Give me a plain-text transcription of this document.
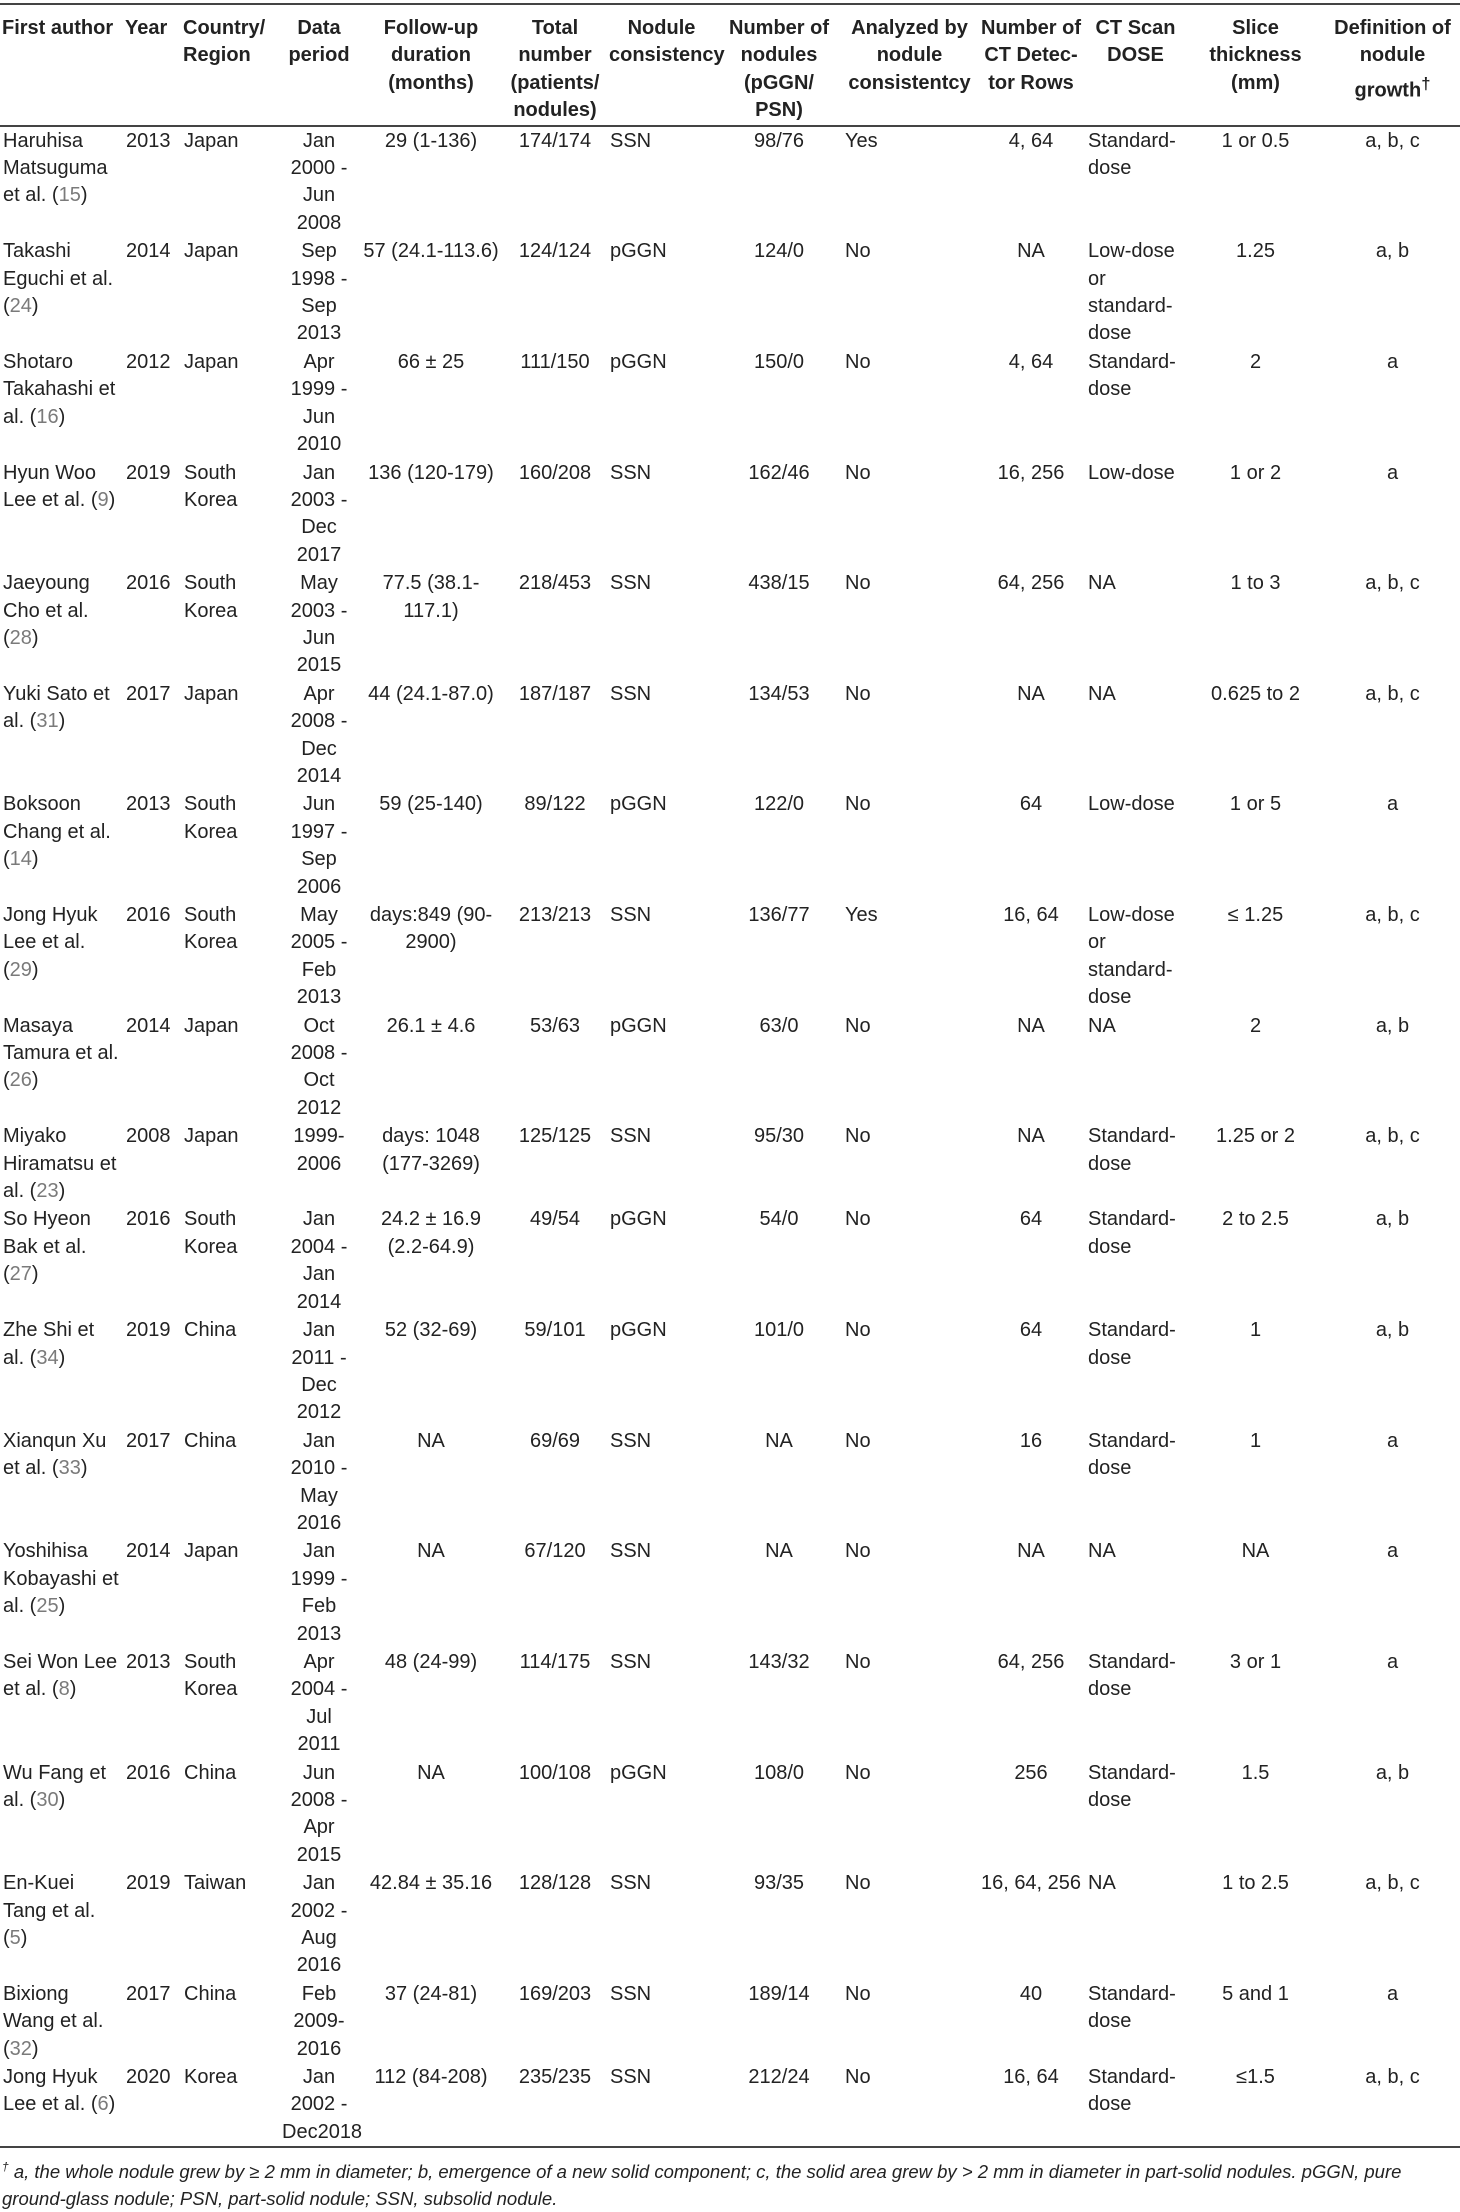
First author	Year	Country/ Region	Data period	Follow-up duration (months)	Total number (patients/ nodules)	Nodule consistency	Number of nodules (pGGN/ PSN)	Analyzed by nodule consistentcy	Number of CT Detec- tor Rows	CT Scan DOSE	Slice thickness (mm)	Definition of nodule growth†
Haruhisa Matsuguma et al. (15)	2013	Japan	Jan 2000 - Jun 2008	29 (1-136)	174/174	SSN	98/76	Yes	4, 64	Standard-dose	1 or 0.5	a, b, c
Takashi Eguchi et al. (24)	2014	Japan	Sep 1998 - Sep 2013	57 (24.1-113.6)	124/124	pGGN	124/0	No	NA	Low-dose or standard-dose	1.25	a, b
Shotaro Takahashi et al. (16)	2012	Japan	Apr 1999 - Jun 2010	66 ± 25	111/150	pGGN	150/0	No	4, 64	Standard-dose	2	a
Hyun Woo Lee et al. (9)	2019	South Korea	Jan 2003 - Dec 2017	136 (120-179)	160/208	SSN	162/46	No	16, 256	Low-dose	1 or 2	a
Jaeyoung Cho et al. (28)	2016	South Korea	May 2003 - Jun 2015	77.5 (38.1-117.1)	218/453	SSN	438/15	No	64, 256	NA	1 to 3	a, b, c
Yuki Sato et al. (31)	2017	Japan	Apr 2008 - Dec 2014	44 (24.1-87.0)	187/187	SSN	134/53	No	NA	NA	0.625 to 2	a, b, c
Boksoon Chang et al. (14)	2013	South Korea	Jun 1997 - Sep 2006	59 (25-140)	89/122	pGGN	122/0	No	64	Low-dose	1 or 5	a
Jong Hyuk Lee et al. (29)	2016	South Korea	May 2005 - Feb 2013	days:849 (90-2900)	213/213	SSN	136/77	Yes	16, 64	Low-dose or standard-dose	≤ 1.25	a, b, c
Masaya Tamura et al. (26)	2014	Japan	Oct 2008 - Oct 2012	26.1 ± 4.6	53/63	pGGN	63/0	No	NA	NA	2	a, b
Miyako Hiramatsu et al. (23)	2008	Japan	1999-2006	days: 1048 (177-3269)	125/125	SSN	95/30	No	NA	Standard-dose	1.25 or 2	a, b, c
So Hyeon Bak et al. (27)	2016	South Korea	Jan 2004 - Jan 2014	24.2 ± 16.9 (2.2-64.9)	49/54	pGGN	54/0	No	64	Standard-dose	2 to 2.5	a, b
Zhe Shi et al. (34)	2019	China	Jan 2011 - Dec 2012	52 (32-69)	59/101	pGGN	101/0	No	64	Standard-dose	1	a, b
Xianqun Xu et al. (33)	2017	China	Jan 2010 - May 2016	NA	69/69	SSN	NA	No	16	Standard-dose	1	a
Yoshihisa Kobayashi et al. (25)	2014	Japan	Jan 1999 - Feb 2013	NA	67/120	SSN	NA	No	NA	NA	NA	a
Sei Won Lee et al. (8)	2013	South Korea	Apr 2004 - Jul 2011	48 (24-99)	114/175	SSN	143/32	No	64, 256	Standard-dose	3 or 1	a
Wu Fang et al. (30)	2016	China	Jun 2008 - Apr 2015	NA	100/108	pGGN	108/0	No	256	Standard-dose	1.5	a, b
En-Kuei Tang et al. (5)	2019	Taiwan	Jan 2002 - Aug 2016	42.84 ± 35.16	128/128	SSN	93/35	No	16, 64, 256	NA	1 to 2.5	a, b, c
Bixiong Wang et al. (32)	2017	China	Feb 2009-2016	37 (24-81)	169/203	SSN	189/14	No	40	Standard-dose	5 and 1	a
Jong Hyuk Lee et al. (6)	2020	Korea	Jan 2002 - Dec2018	112 (84-208)	235/235	SSN	212/24	No	16, 64	Standard-dose	≤1.5	a, b, c
† a, the whole nodule grew by ≥ 2 mm in diameter; b, emergence of a new solid component; c, the solid area grew by > 2 mm in diameter in part-solid nodules. pGGN, pure ground-glass nodule; PSN, part-solid nodule; SSN, subsolid nodule.
